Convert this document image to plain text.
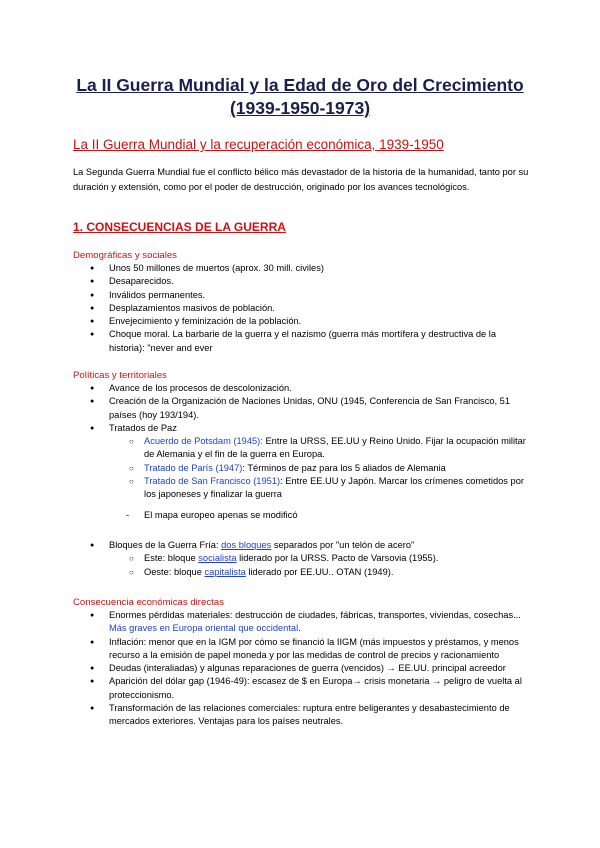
La II Guerra Mundial y la Edad de Oro del Crecimiento (1939-1950-1973)
La II Guerra Mundial y la recuperación económica, 1939-1950
La Segunda Guerra Mundial fue el conflicto bélico más devastador de la historia de la humanidad, tanto por su duración y extensión, como por el poder de destrucción, originado por los avances tecnológicos.
1. CONSECUENCIAS DE LA GUERRA
Demográficas y sociales
● Unos 50 millones de muertos (aprox. 30 mill. civiles)
● Desaparecidos.
● Inválidos permanentes.
● Desplazamientos masivos de población.
● Envejecimiento y feminización de la población.
● Choque moral. La barbarie de la guerra y el nazismo (guerra más mortífera y destructiva de la historia): "never and ever
Políticas y territoriales
● Avance de los procesos de descolonización.
● Creación de la Organización de Naciones Unidas, ONU (1945, Conferencia de San Francisco, 51 países (hoy 193/194).
● Tratados de Paz
○ Acuerdo de Potsdam (1945): Entre la URSS, EE.UU y Reino Unido. Fijar la ocupación militar de Alemania y el fin de la guerra en Europa.
○ Tratado de París (1947): Términos de paz para los 5 aliados de Alemania
○ Tratado de San Francisco (1951): Entre EE.UU y Japón. Marcar los crímenes cometidos por los japoneses y finalizar la guerra
- El mapa europeo apenas se modificó
● Bloques de la Guerra Fría: dos bloques separados por "un telón de acero"
○ Este: bloque socialista liderado por la URSS. Pacto de Varsovia (1955).
○ Oeste: bloque capitalista liderado por EE.UU.. OTAN (1949).
Consecuencia económicas directas
● Enormes pérdidas materiales: destrucción de ciudades, fábricas, transportes, viviendas, cosechas... Más graves en Europa oriental que occidental.
● Inflación: menor que en la IGM por cómo se financió la IIGM (más impuestos y préstamos, y menos recurso a la emisión de papel moneda y por las medidas de control de precios y racionamiento
● Deudas (interaliadas) y algunas reparaciones de guerra (vencidos) → EE.UU. principal acreedor
● Aparición del dólar gap (1946-49): escasez de $ en Europa→ crisis monetaria → peligro de vuelta al proteccionismo.
● Transformación de las relaciones comerciales: ruptura entre beligerantes y desabastecimiento de mercados exteriores. Ventajas para los países neutrales.
